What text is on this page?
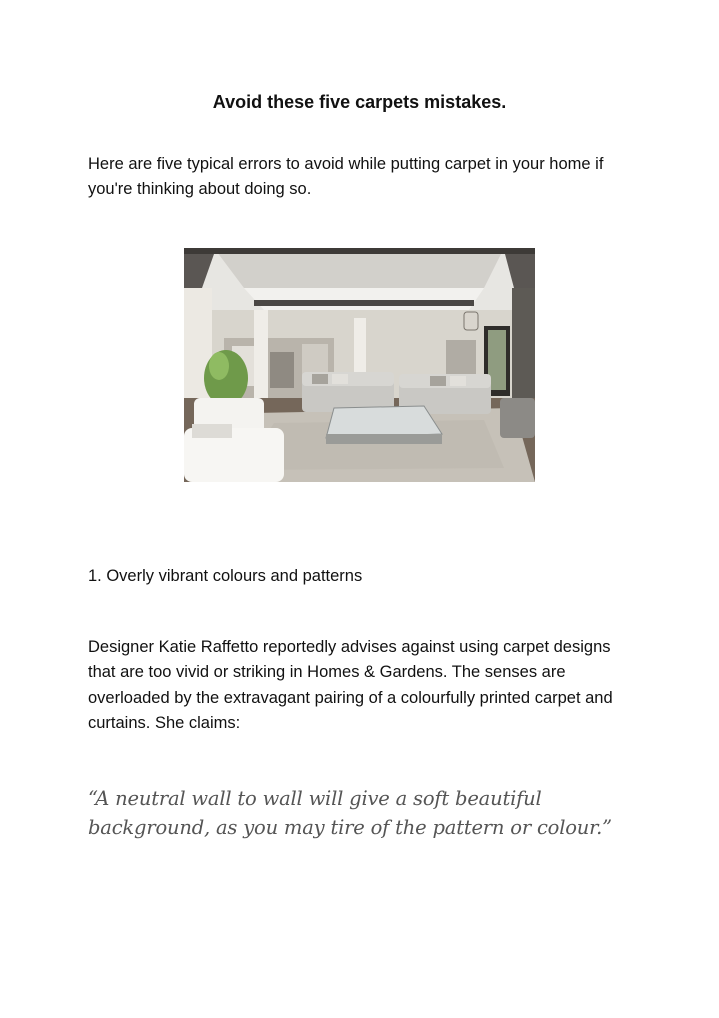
Avoid these five carpets mistakes.
Here are five typical errors to avoid while putting carpet in your home if you're thinking about doing so.
1. Overly vibrant colours and patterns
Designer Katie Raffetto reportedly advises against using carpet designs that are too vivid or striking in Homes & Gardens. The senses are overloaded by the extravagant pairing of a colourfully printed carpet and curtains. She claims:
“A neutral wall to wall will give a soft beautiful background, as you may tire of the pattern or colour.”
